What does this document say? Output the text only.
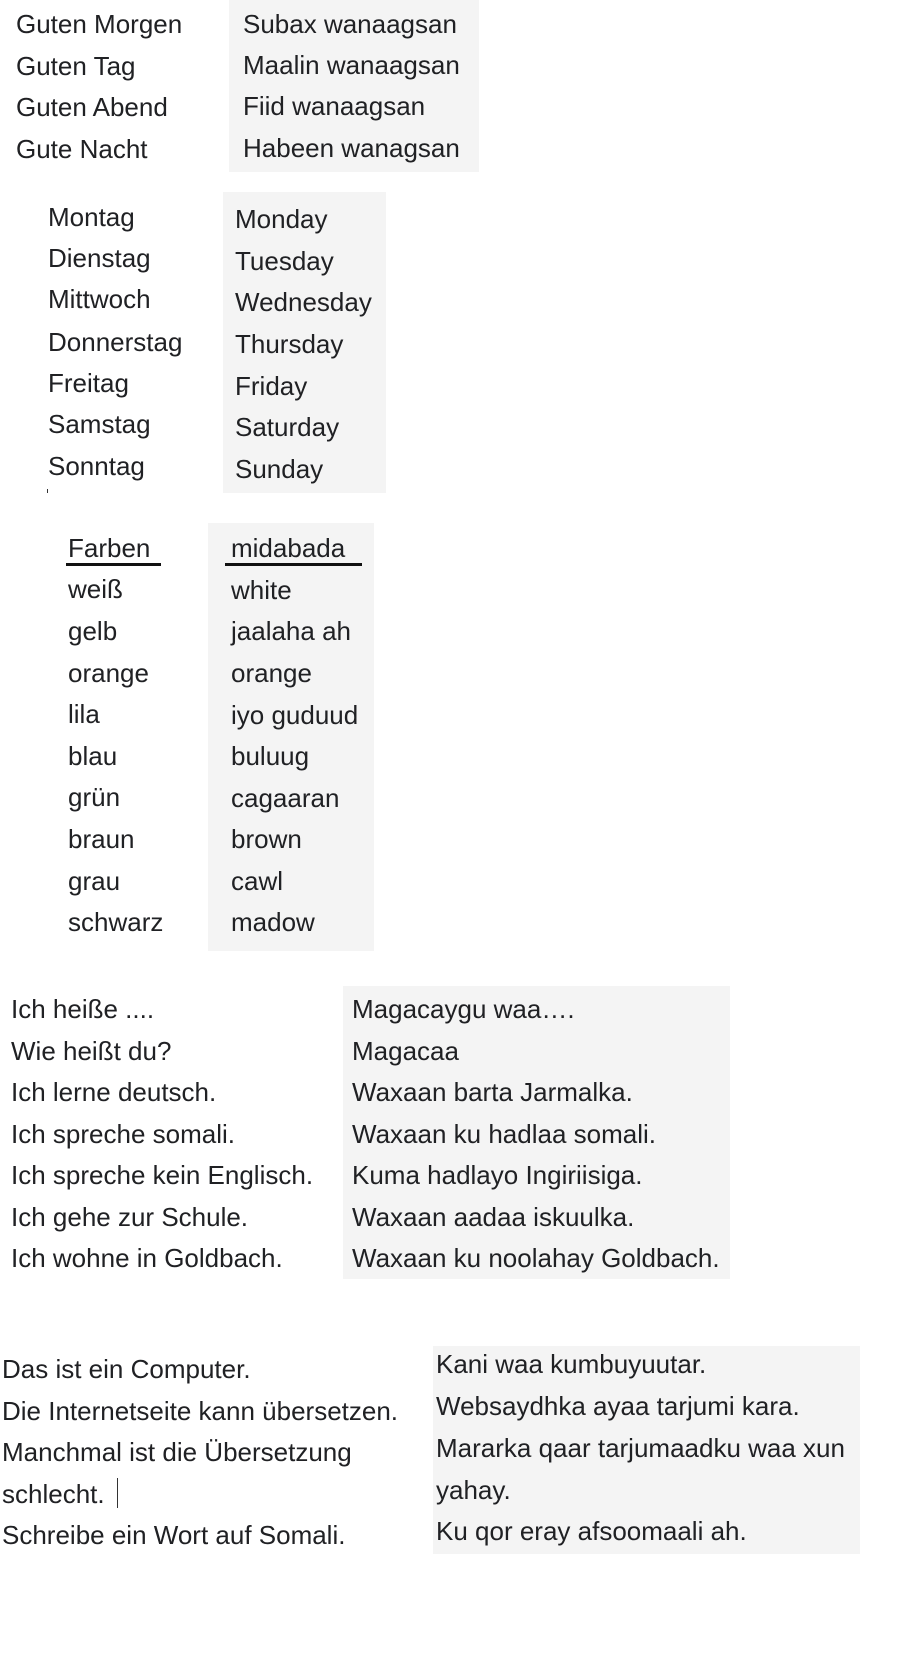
Guten Morgen
Guten Tag
Guten Abend
Gute Nacht
Subax wanaagsan
Maalin wanaagsan
Fiid wanaagsan
Habeen wanagsan
Montag
Dienstag
Mittwoch
Donnerstag
Freitag
Samstag
Sonntag
Monday
Tuesday
Wednesday
Thursday
Friday
Saturday
Sunday
Farben
weiß
gelb
orange
lila
blau
grün
braun
grau
schwarz
midabada
white
jaalaha ah
orange
iyo guduud
buluug
cagaaran
brown
cawl
madow
Ich heiße ....
Wie heißt du?
Ich lerne deutsch.
Ich spreche somali.
Ich spreche kein Englisch.
Ich gehe zur Schule.
Ich wohne in Goldbach.
Magacaygu waa….
Magacaa
Waxaan barta Jarmalka.
Waxaan ku hadlaa somali.
Kuma hadlayo Ingiriisiga.
Waxaan aadaa iskuulka.
Waxaan ku noolahay Goldbach.
Das ist ein Computer.
Die Internetseite kann übersetzen.
Manchmal ist die Übersetzung
schlecht.
Schreibe ein Wort auf Somali.
Kani waa kumbuyuutar.
Websaydhka ayaa tarjumi kara.
Mararka qaar tarjumaadku waa xun
yahay.
Ku qor eray afsoomaali ah.
